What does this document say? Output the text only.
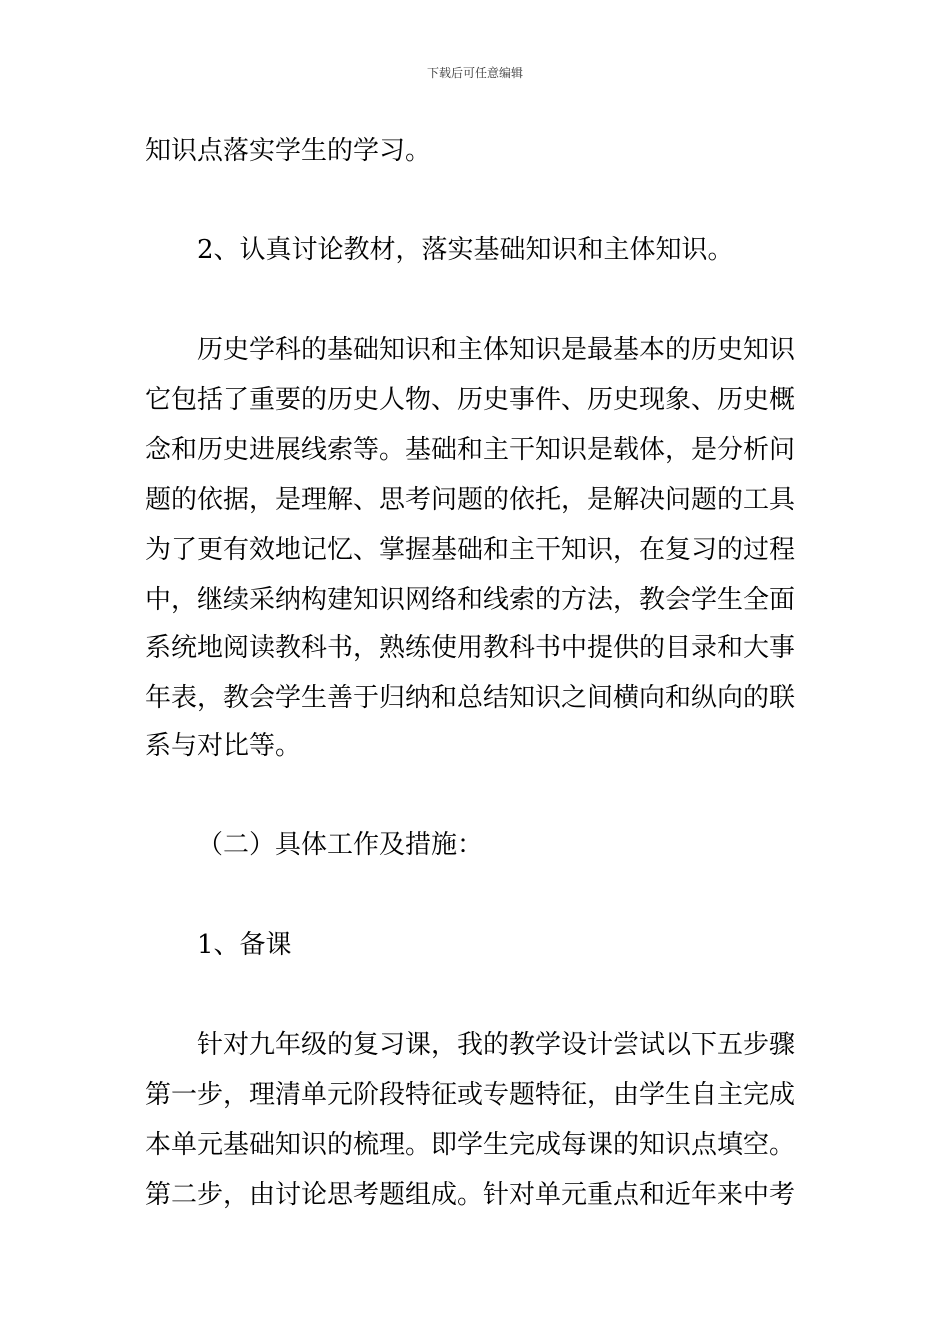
下载后可任意编辑
知识点落实学生的学习。
2、认真讨论教材，落实基础知识和主体知识。
历史学科的基础知识和主体知识是最基本的历史知识
它包括了重要的历史人物、历史事件、历史现象、历史概
念和历史进展线索等。基础和主干知识是载体，是分析问
题的依据，是理解、思考问题的依托，是解决问题的工具
为了更有效地记忆、掌握基础和主干知识，在复习的过程
中，继续采纳构建知识网络和线索的方法，教会学生全面
系统地阅读教科书，熟练使用教科书中提供的目录和大事
年表，教会学生善于归纳和总结知识之间横向和纵向的联
系与对比等。
（二）具体工作及措施：
1、备课
针对九年级的复习课，我的教学设计尝试以下五步骤
第一步，理清单元阶段特征或专题特征，由学生自主完成
本单元基础知识的梳理。即学生完成每课的知识点填空。
第二步，由讨论思考题组成。针对单元重点和近年来中考
